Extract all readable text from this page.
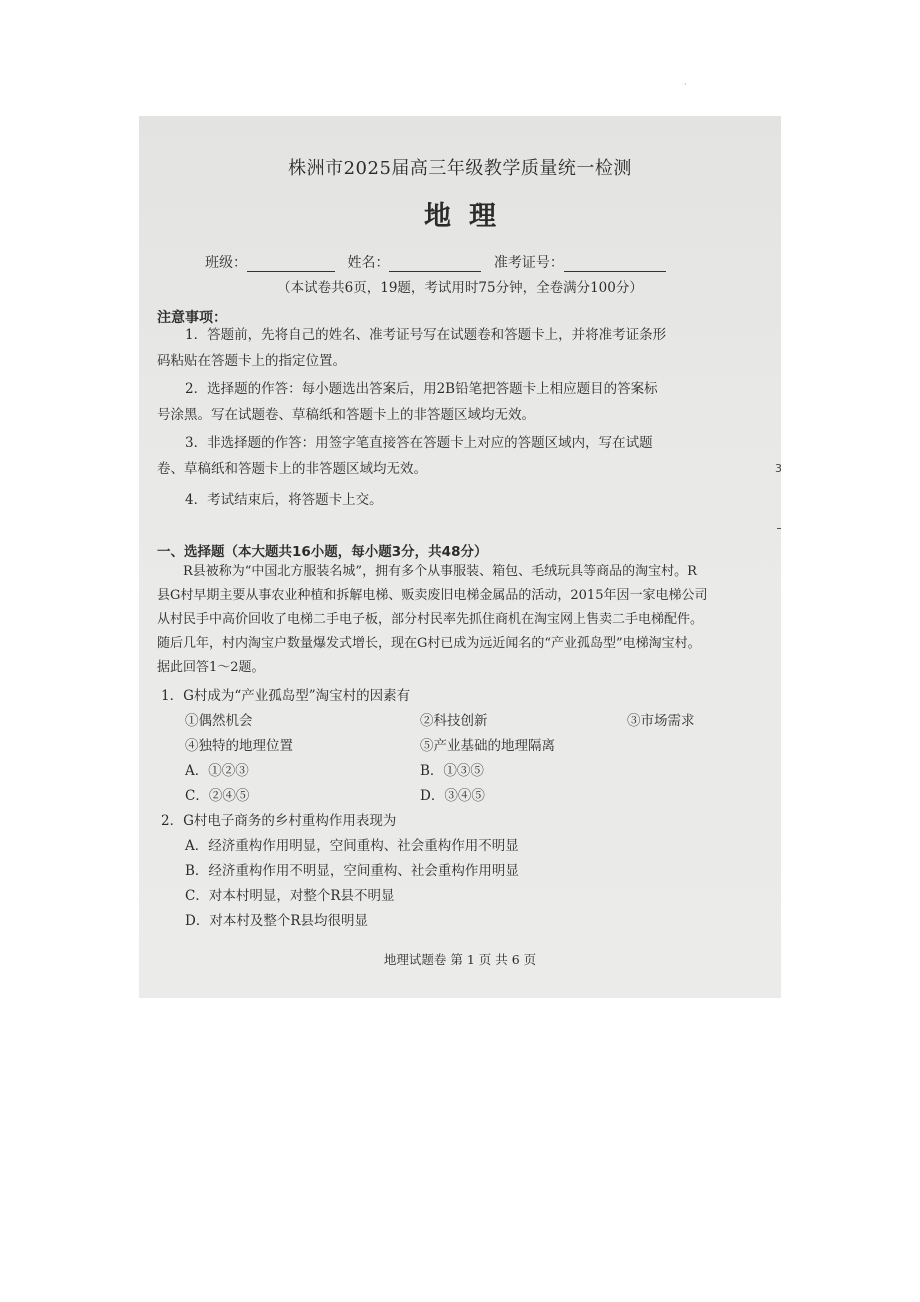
·
株洲市2025届高三年级教学质量统一检测
地理
班级：	姓名：	准考证号：
（本试卷共6页，19题，考试用时75分钟，全卷满分100分）
注意事项：
1．答题前，先将自己的姓名、准考证号写在试题卷和答题卡上，并将准考证条形
码粘贴在答题卡上的指定位置。
2．选择题的作答：每小题选出答案后，用2B铅笔把答题卡上相应题目的答案标
号涂黑。写在试题卷、草稿纸和答题卡上的非答题区域均无效。
3．非选择题的作答：用签字笔直接答在答题卡上对应的答题区域内，写在试题
卷、草稿纸和答题卡上的非答题区域均无效。
4．考试结束后，将答题卡上交。
一、选择题（本大题共16小题，每小题3分，共48分）
R县被称为“中国北方服装名城”，拥有多个从事服装、箱包、毛绒玩具等商品的淘宝村。R
县G村早期主要从事农业种植和拆解电梯、贩卖废旧电梯金属品的活动，2015年因一家电梯公司
从村民手中高价回收了电梯二手电子板，部分村民率先抓住商机在淘宝网上售卖二手电梯配件。
随后几年，村内淘宝户数量爆发式增长，现在G村已成为远近闻名的“产业孤岛型”电梯淘宝村。
据此回答1～2题。
1．G村成为“产业孤岛型”淘宝村的因素有
①偶然机会	②科技创新	③市场需求
④独特的地理位置	⑤产业基础的地理隔离
A．①②③	B．①③⑤
C．②④⑤	D．③④⑤
2．G村电子商务的乡村重构作用表现为
A．经济重构作用明显，空间重构、社会重构作用不明显
B．经济重构作用不明显，空间重构、社会重构作用明显
C．对本村明显，对整个R县不明显
D．对本村及整个R县均很明显
地理试题卷 第 1 页 共 6 页
3
